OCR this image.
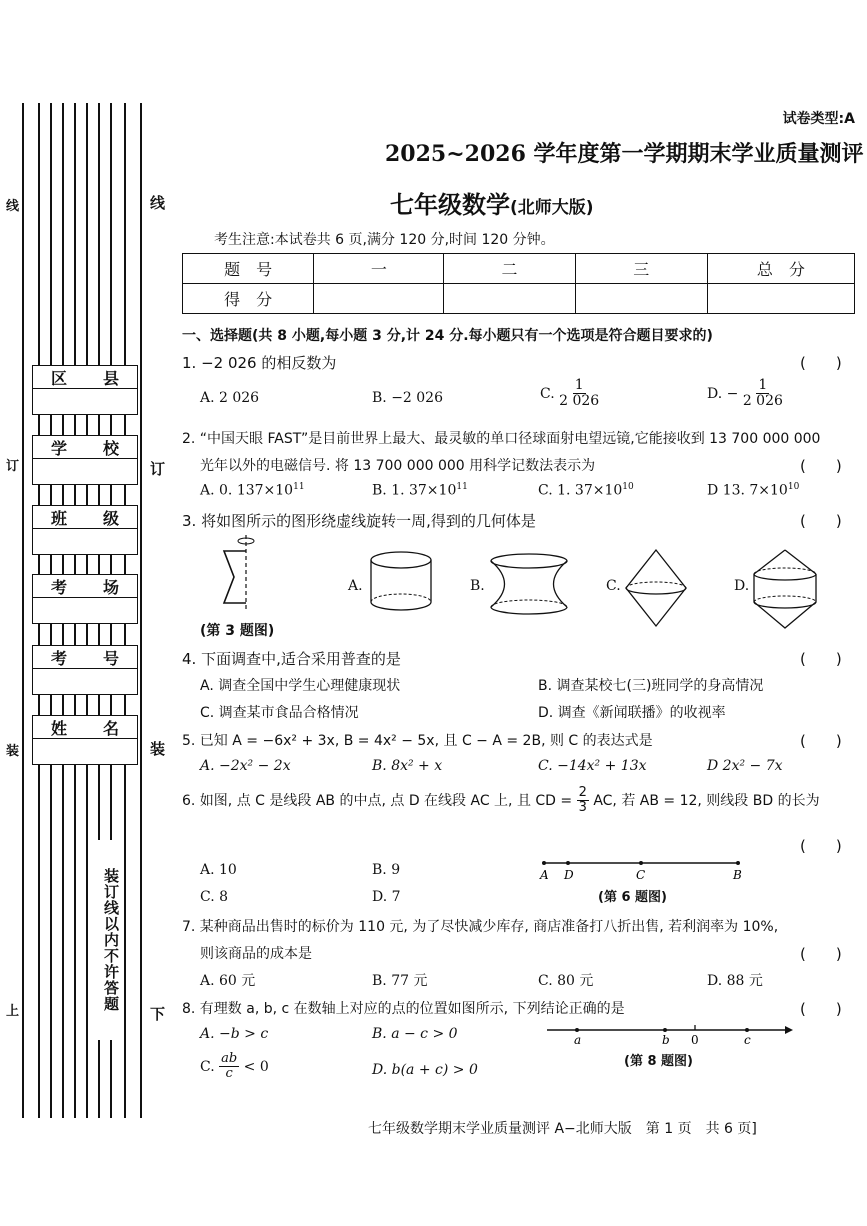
线
订
装
上
线
订
装
下
区 县
学 校
班 级
考 场
考 号
姓 名
装订线以内不许答题
试卷类型:A
2025~2026 学年度第一学期期末学业质量测评
七年级数学(北师大版)
考生注意:本试卷共 6 页,满分 120 分,时间 120 分钟。
题　号	一	二	三	总　分
得　分				
一、选择题(共 8 小题,每小题 3 分,计 24 分.每小题只有一个选项是符合题目要求的)
1. −2 026 的相反数为	(　　)
A. 2 026	B. −2 026	C. $\frac{1}{2 026}$	D. − $\frac{1}{2 026}$
2. “中国天眼 FAST”是目前世界上最大、最灵敏的单口径球面射电望远镜,它能接收到 13 700 000 000
光年以外的电磁信号. 将 13 700 000 000 用科学记数法表示为	(　　)
A. 0. $137\times 10^{11}$	B. 1. $37\times 10^{11}$	C. 1. $37\times 10^{10}$	D 13. $7\times 10^{10}$
3. 将如图所示的图形绕虚线旋转一周,得到的几何体是	(　　)
A.	B.	C.	D.
(第 3 题图)
4. 下面调查中,适合采用普查的是	(　　)
A. 调查全国中学生心理健康现状	B. 调查某校七(三)班同学的身高情况
C. 调查某市食品合格情况	D. 调查《新闻联播》的收视率
5. 已知 A = −6x² + 3x, B = 4x² − 5x, 且 C − A = 2B, 则 C 的表达式是	(　　)
A. −2x² − 2x	B. 8x² + x	C. −14x² + 13x	D 2x² − 7x
6. 如图, 点 C 是线段 AB 的中点, 点 D 在线段 AC 上, 且 CD = $\frac{2}{3}$ AC, 若 AB = 12, 则线段 BD 的长为
(　　)
A. 10	B. 9
C. 8	D. 7
A D	C	B
(第 6 题图)
7. 某种商品出售时的标价为 110 元, 为了尽快减少库存, 商店准备打八折出售, 若利润率为 10%,
则该商品的成本是	(　　)
A. 60 元	B. 77 元	C. 80 元	D. 88 元
8. 有理数 a, b, c 在数轴上对应的点的位置如图所示, 下列结论正确的是	(　　)
A. −b > c	B. a − c > 0
C. $\frac{ab}{c} < 0$	D. b(a + c) > 0
a	b 0	c
(第 8 题图)
七年级数学期末学业质量测评 A−北师大版　第 1 页　共 6 页]
